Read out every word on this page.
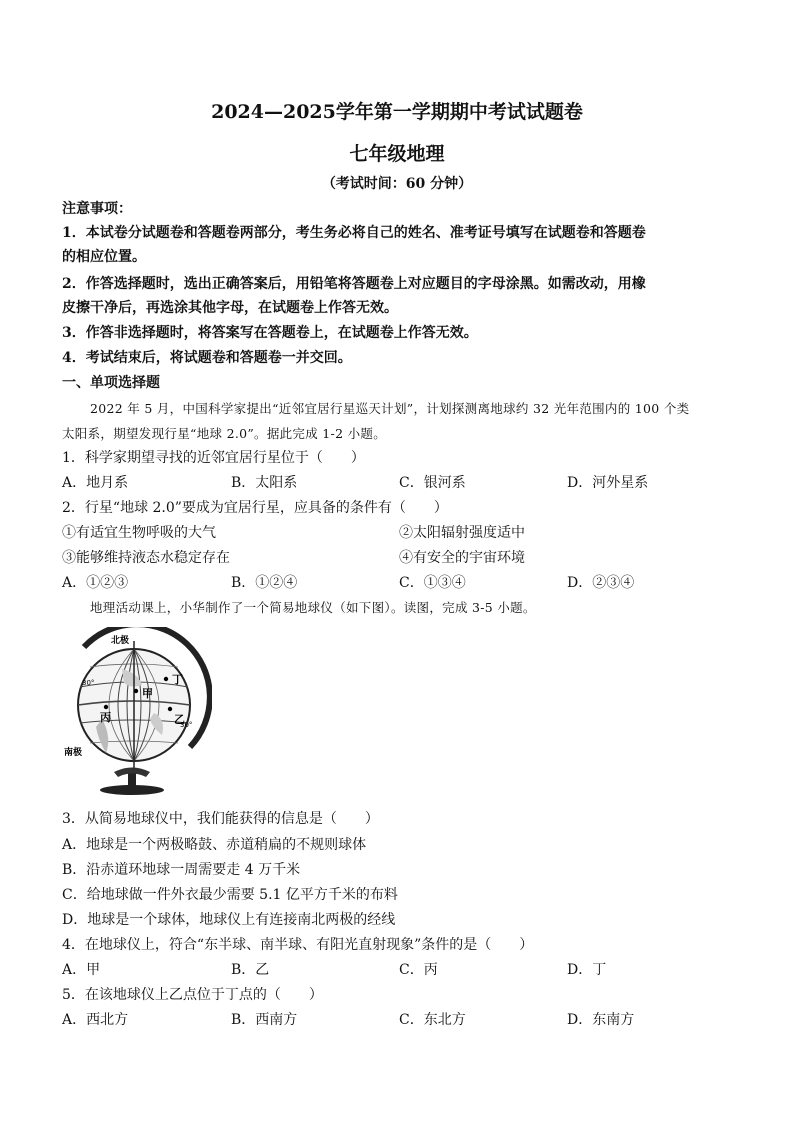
2024—2025学年第一学期期中考试试题卷
七年级地理
（考试时间：60 分钟）
注意事项：
1．本试卷分试题卷和答题卷两部分，考生务必将自己的姓名、准考证号填写在试题卷和答题卷
的相应位置。
2．作答选择题时，选出正确答案后，用铅笔将答题卷上对应题目的字母涂黑。如需改动，用橡
皮擦干净后，再选涂其他字母，在试题卷上作答无效。
3．作答非选择题时，将答案写在答题卷上，在试题卷上作答无效。
4．考试结束后，将试题卷和答题卷一并交回。
一、单项选择题
2022 年 5 月，中国科学家提出“近邻宜居行星巡天计划”，计划探测离地球约 32 光年范围内的 100 个类
太阳系，期望发现行星“地球 2.0”。据此完成 1-2 小题。
1．科学家期望寻找的近邻宜居行星位于（　　）
A．地月系	B．太阳系	C．银河系	D．河外星系
2．行星“地球 2.0”要成为宜居行星，应具备的条件有（　　）
①有适宜生物呼吸的大气	②太阳辐射强度适中
③能够维持液态水稳定存在	④有安全的宇宙环境
A．①②③	B．①②④	C．①③④	D．②③④
地理活动课上，小华制作了一个简易地球仪（如下图）。读图，完成 3-5 小题。
北极
南极
甲
丁
丙	乙
30°
30°
3．从简易地球仪中，我们能获得的信息是（　　）
A．地球是一个两极略鼓、赤道稍扁的不规则球体
B．沿赤道环地球一周需要走 4 万千米
C．给地球做一件外衣最少需要 5.1 亿平方千米的布料
D．地球是一个球体，地球仪上有连接南北两极的经线
4．在地球仪上，符合“东半球、南半球、有阳光直射现象”条件的是（　　）
A．甲	B．乙	C．丙	D．丁
5．在该地球仪上乙点位于丁点的（　　）
A．西北方	B．西南方	C．东北方	D．东南方
